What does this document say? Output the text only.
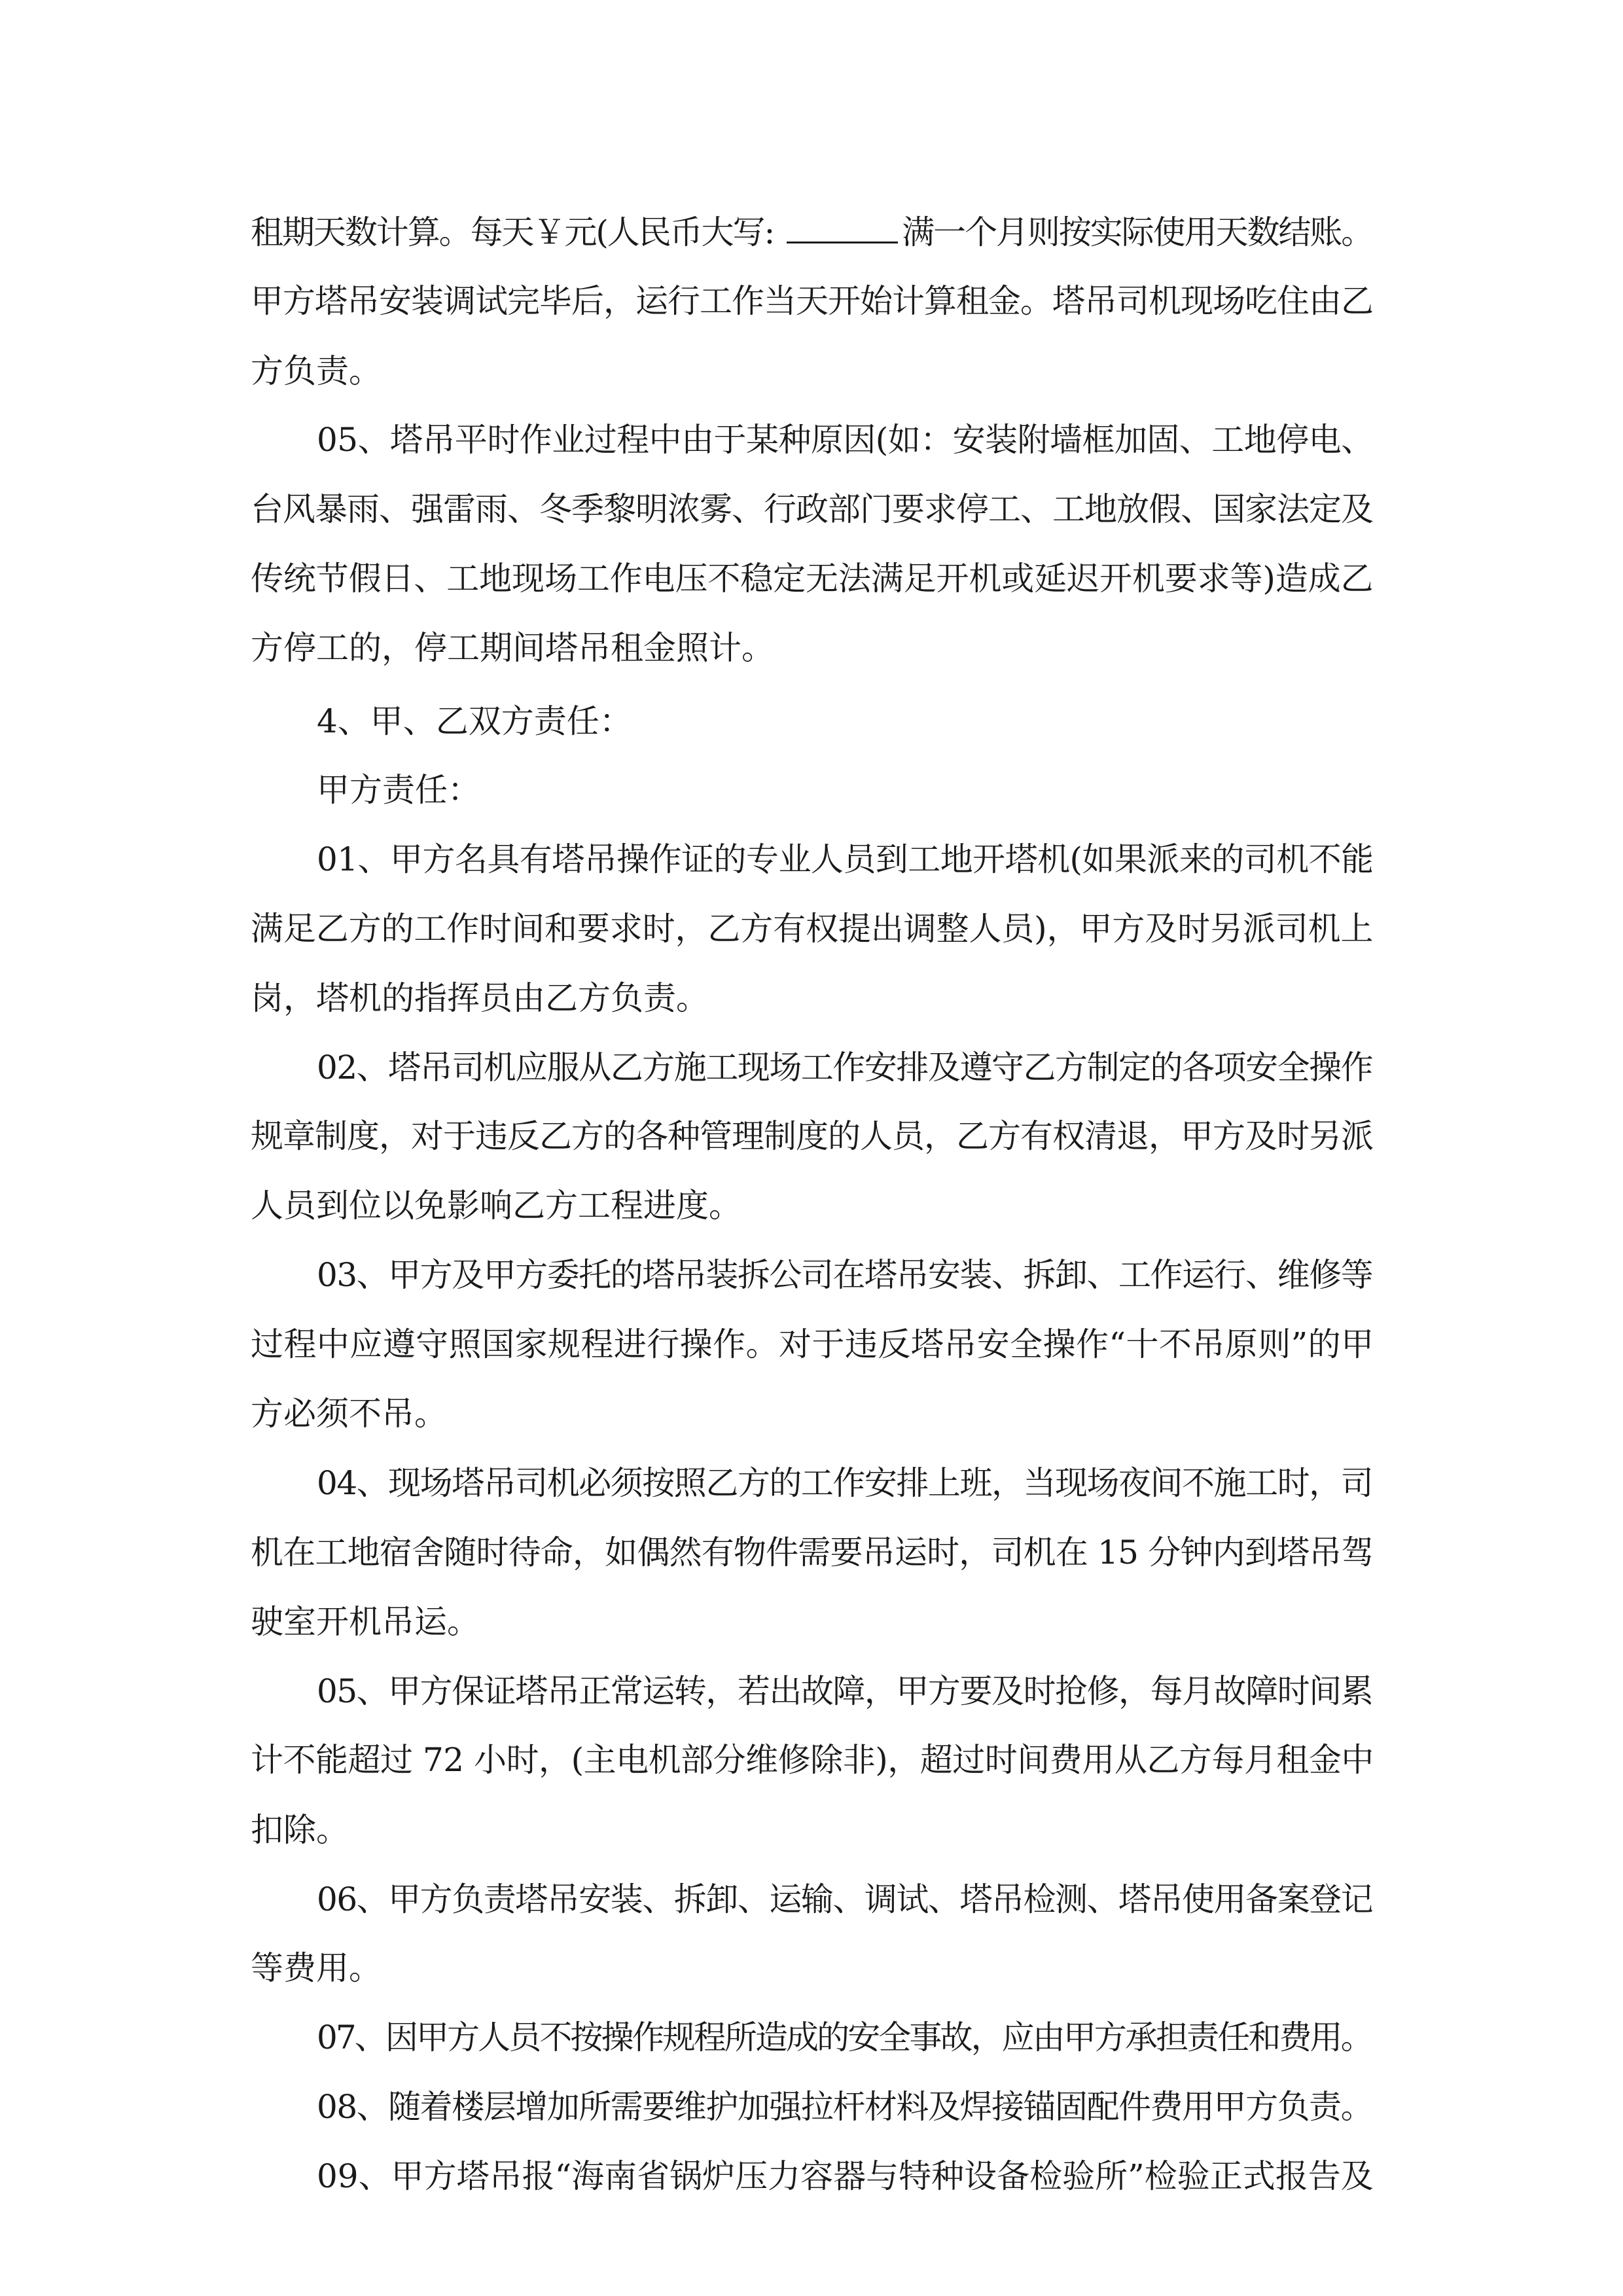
租期天数计算。每天￥元(人民币大写:	满一个月则按实际使用天数结账。
甲方塔吊安装调试完毕后，运行工作当天开始计算租金。塔吊司机现场吃住由乙
方负责。
05、塔吊平时作业过程中由于某种原因(如：安装附墙框加固、工地停电、
台风暴雨、强雷雨、冬季黎明浓雾、行政部门要求停工、工地放假、国家法定及
传统节假日、工地现场工作电压不稳定无法满足开机或延迟开机要求等)造成乙
方停工的，停工期间塔吊租金照计。
4、甲、乙双方责任：
甲方责任：
01、甲方名具有塔吊操作证的专业人员到工地开塔机(如果派来的司机不能
满足乙方的工作时间和要求时，乙方有权提出调整人员)，甲方及时另派司机上
岗，塔机的指挥员由乙方负责。
02、塔吊司机应服从乙方施工现场工作安排及遵守乙方制定的各项安全操作
规章制度，对于违反乙方的各种管理制度的人员，乙方有权清退，甲方及时另派
人员到位以免影响乙方工程进度。
03、甲方及甲方委托的塔吊装拆公司在塔吊安装、拆卸、工作运行、维修等
过程中应遵守照国家规程进行操作。对于违反塔吊安全操作“十不吊原则”的甲
方必须不吊。
04、现场塔吊司机必须按照乙方的工作安排上班，当现场夜间不施工时，司
机在工地宿舍随时待命，如偶然有物件需要吊运时，司机在 15 分钟内到塔吊驾
驶室开机吊运。
05、甲方保证塔吊正常运转，若出故障，甲方要及时抢修，每月故障时间累
计不能超过 72 小时，(主电机部分维修除非)，超过时间费用从乙方每月租金中
扣除。
06、甲方负责塔吊安装、拆卸、运输、调试、塔吊检测、塔吊使用备案登记
等费用。
07、因甲方人员不按操作规程所造成的安全事故，应由甲方承担责任和费用。
08、随着楼层增加所需要维护加强拉杆材料及焊接锚固配件费用甲方负责。
09、甲方塔吊报“海南省锅炉压力容器与特种设备检验所”检验正式报告及
